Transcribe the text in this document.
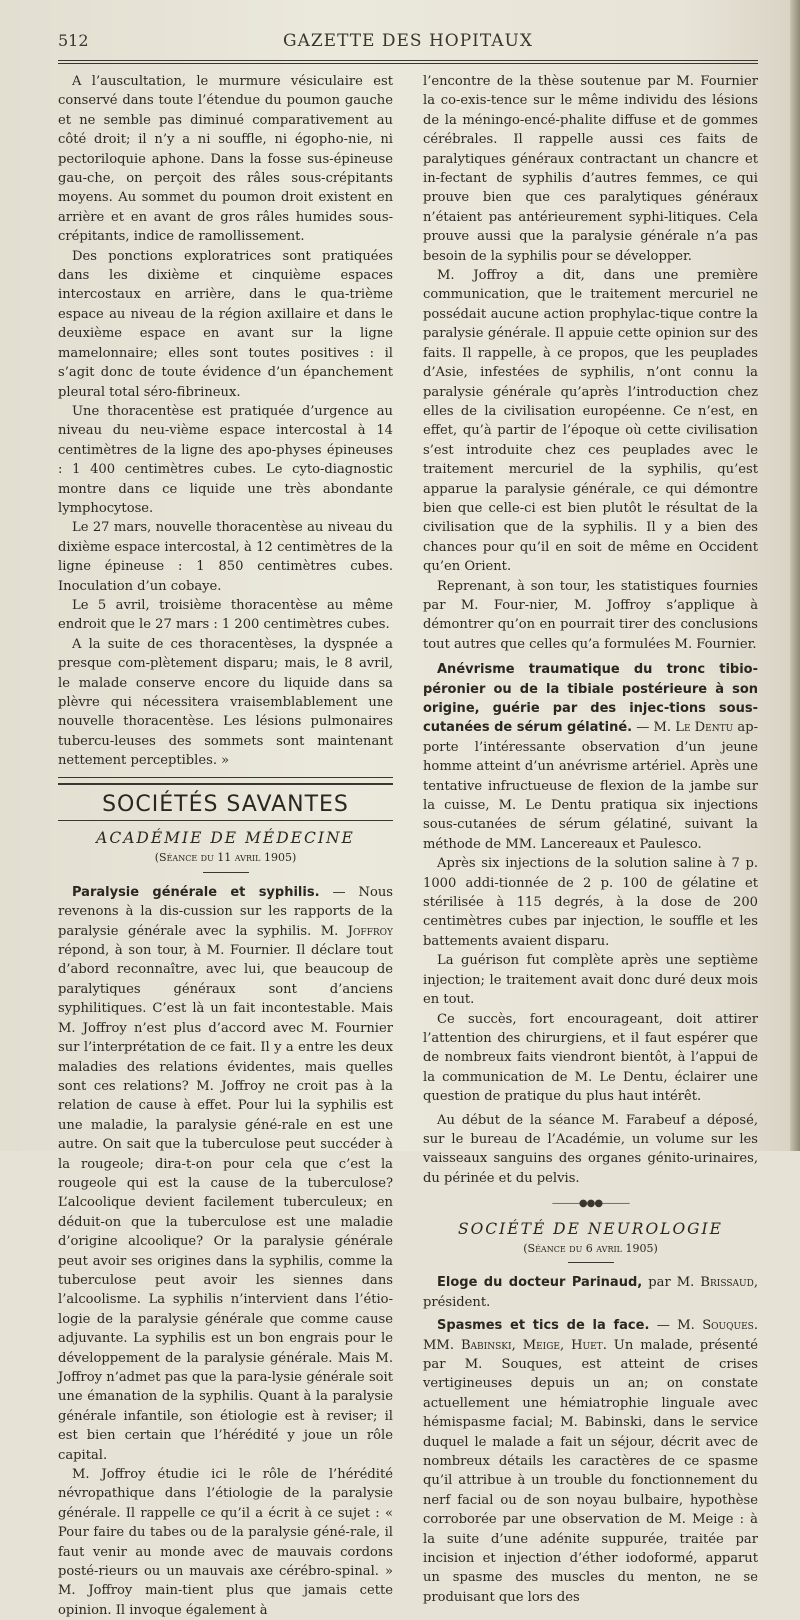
512	GAZETTE DES HOPITAUX

A l’auscultation, le murmure vésiculaire est conservé dans toute l’étendue du poumon gauche et ne semble pas diminué comparativement au côté droit; il n’y a ni souffle, ni égopho-nie, ni pectoriloquie aphone. Dans la fosse sus-épineuse gau-che, on perçoit des râles sous-crépitants moyens. Au sommet du poumon droit existent en arrière et en avant de gros râles humides sous-crépitants, indice de ramollissement.

Des ponctions exploratrices sont pratiquées dans les dixième et cinquième espaces intercostaux en arrière, dans le qua-trième espace au niveau de la région axillaire et dans le deuxième espace en avant sur la ligne mamelonnaire; elles sont toutes positives : il s’agit donc de toute évidence d’un épanchement pleural total séro-fibrineux.

Une thoracentèse est pratiquée d’urgence au niveau du neu-vième espace intercostal à 14 centimètres de la ligne des apo-physes épineuses : 1 400 centimètres cubes. Le cyto-diagnostic montre dans ce liquide une très abondante lymphocytose.

Le 27 mars, nouvelle thoracentèse au niveau du dixième espace intercostal, à 12 centimètres de la ligne épineuse : 1 850 centimètres cubes. Inoculation d’un cobaye.

Le 5 avril, troisième thoracentèse au même endroit que le 27 mars : 1 200 centimètres cubes.

A la suite de ces thoracentèses, la dyspnée a presque com-plètement disparu; mais, le 8 avril, le malade conserve encore du liquide dans sa plèvre qui nécessitera vraisemblablement une nouvelle thoracentèse. Les lésions pulmonaires tubercu-leuses des sommets sont maintenant nettement perceptibles. »

SOCIÉTÉS SAVANTES
ACADÉMIE DE MÉDECINE
(Séance du 11 avril 1905)

Paralysie générale et syphilis. — Nous revenons à la dis-cussion sur les rapports de la paralysie générale avec la syphilis. M. Joffroy répond, à son tour, à M. Fournier. Il déclare tout d’abord reconnaître, avec lui, que beaucoup de paralytiques généraux sont d’anciens syphilitiques. C’est là un fait incontestable. Mais M. Joffroy n’est plus d’accord avec M. Fournier sur l’interprétation de ce fait. Il y a entre les deux maladies des relations évidentes, mais quelles sont ces relations? M. Joffroy ne croit pas à la relation de cause à effet. Pour lui la syphilis est une maladie, la paralysie géné-rale en est une autre. On sait que la tuberculose peut succéder à la rougeole; dira-t-on pour cela que c’est la rougeole qui est la cause de la tuberculose? L’alcoolique devient facilement tuberculeux; en déduit-on que la tuberculose est une maladie d’origine alcoolique? Or la paralysie générale peut avoir ses origines dans la syphilis, comme la tuberculose peut avoir les siennes dans l’alcoolisme. La syphilis n’intervient dans l’étio-logie de la paralysie générale que comme cause adjuvante. La syphilis est un bon engrais pour le développement de la paralysie générale. Mais M. Joffroy n’admet pas que la para-lysie générale soit une émanation de la syphilis. Quant à la paralysie générale infantile, son étiologie est à reviser; il est bien certain que l’hérédité y joue un rôle capital.

M. Joffroy étudie ici le rôle de l’hérédité névropathique dans l’étiologie de la paralysie générale. Il rappelle ce qu’il a écrit à ce sujet : « Pour faire du tabes ou de la paralysie géné-rale, il faut venir au monde avec de mauvais cordons posté-rieurs ou un mauvais axe cérébro-spinal. » M. Joffroy main-tient plus que jamais cette opinion. Il invoque également à

l’encontre de la thèse soutenue par M. Fournier la co-exis-tence sur le même individu des lésions de la méningo-encé-phalite diffuse et de gommes cérébrales. Il rappelle aussi ces faits de paralytiques généraux contractant un chancre et in-fectant de syphilis d’autres femmes, ce qui prouve bien que ces paralytiques généraux n’étaient pas antérieurement syphi-litiques. Cela prouve aussi que la paralysie générale n’a pas besoin de la syphilis pour se développer.

M. Joffroy a dit, dans une première communication, que le traitement mercuriel ne possédait aucune action prophylac-tique contre la paralysie générale. Il appuie cette opinion sur des faits. Il rappelle, à ce propos, que les peuplades d’Asie, infestées de syphilis, n’ont connu la paralysie générale qu’après l’introduction chez elles de la civilisation européenne. Ce n’est, en effet, qu’à partir de l’époque où cette civilisation s’est introduite chez ces peuplades avec le traitement mercuriel de la syphilis, qu’est apparue la paralysie générale, ce qui démontre bien que celle-ci est bien plutôt le résultat de la civilisation que de la syphilis. Il y a bien des chances pour qu’il en soit de même en Occident qu’en Orient.

Reprenant, à son tour, les statistiques fournies par M. Four-nier, M. Joffroy s’applique à démontrer qu’on en pourrait tirer des conclusions tout autres que celles qu’a formulées M. Fournier.

Anévrisme traumatique du tronc tibio-péronier ou de la tibiale postérieure à son origine, guérie par des injec-tions sous-cutanées de sérum gélatiné. — M. Le Dentu ap-porte l’intéressante observation d’un jeune homme atteint d’un anévrisme artériel. Après une tentative infructueuse de flexion de la jambe sur la cuisse, M. Le Dentu pratiqua six injections sous-cutanées de sérum gélatiné, suivant la méthode de MM. Lancereaux et Paulesco.

Après six injections de la solution saline à 7 p. 1000 addi-tionnée de 2 p. 100 de gélatine et stérilisée à 115 degrés, à la dose de 200 centimètres cubes par injection, le souffle et les battements avaient disparu.

La guérison fut complète après une septième injection; le traitement avait donc duré deux mois en tout.

Ce succès, fort encourageant, doit attirer l’attention des chirurgiens, et il faut espérer que de nombreux faits viendront bientôt, à l’appui de la communication de M. Le Dentu, éclairer une question de pratique du plus haut intérêt.

Au début de la séance M. Farabeuf a déposé, sur le bureau de l’Académie, un volume sur les vaisseaux sanguins des organes génito-urinaires, du périnée et du pelvis.

———●●●———
SOCIÉTÉ DE NEUROLOGIE
(Séance du 6 avril 1905)

Eloge du docteur Parinaud, par M. Brissaud, président.

Spasmes et tics de la face. — M. Souques. MM. Babinski, Meige, Huet. Un malade, présenté par M. Souques, est atteint de crises vertigineuses depuis un an; on constate actuellement une hémiatrophie linguale avec hémispasme facial; M. Babinski, dans le service duquel le malade a fait un séjour, décrit avec de nombreux détails les caractères de ce spasme qu’il attribue à un trouble du fonctionnement du nerf facial ou de son noyau bulbaire, hypothèse corroborée par une observation de M. Meige : à la suite d’une adénite suppurée, traitée par incision et injection d’éther iodoformé, apparut un spasme des muscles du menton, ne se produisant que lors des
